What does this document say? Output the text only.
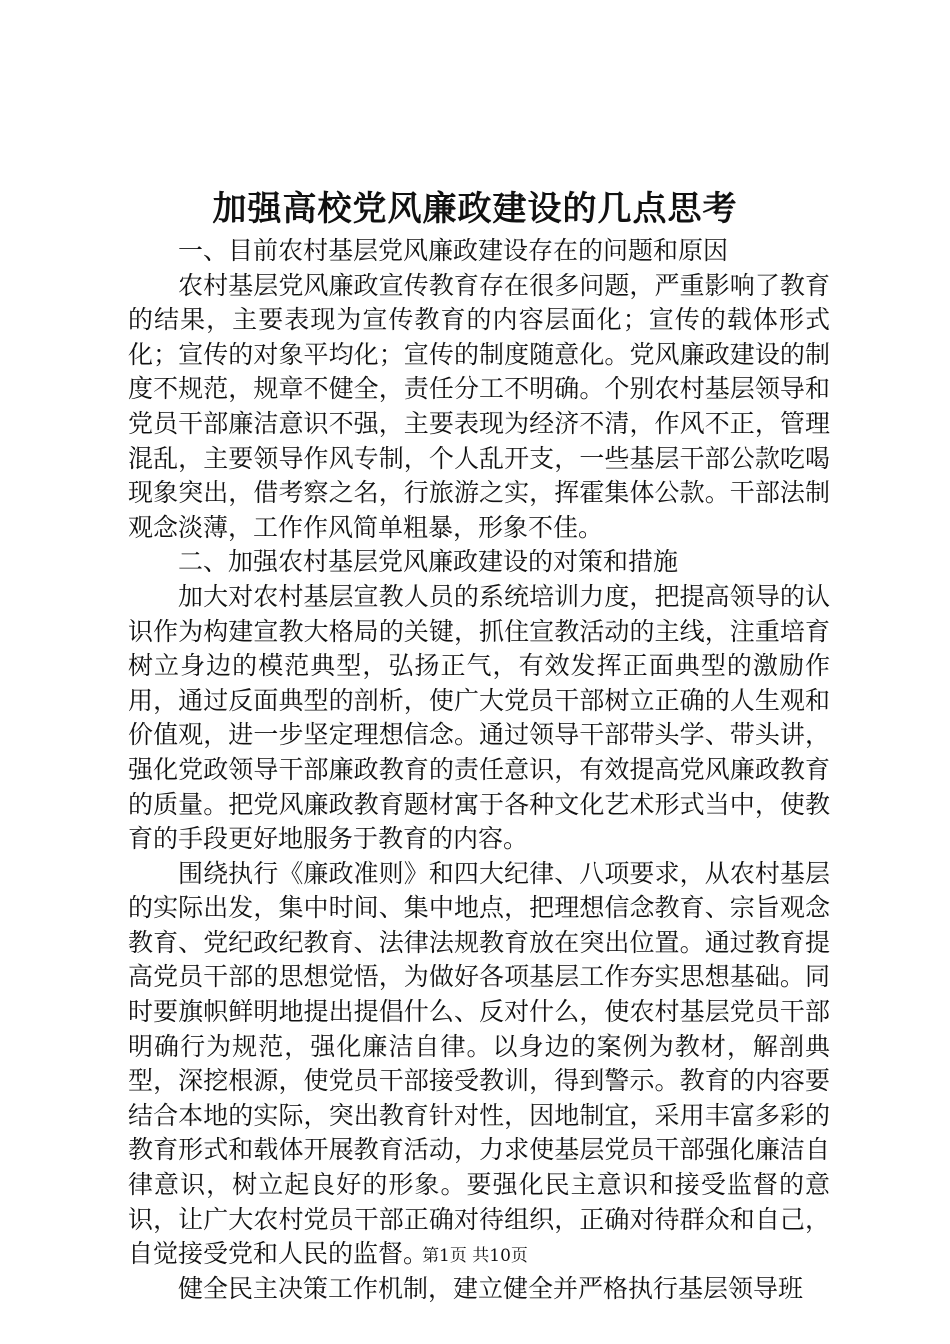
加强高校党风廉政建设的几点思考

一、目前农村基层党风廉政建设存在的问题和原因

农村基层党风廉政宣传教育存在很多问题，严重影响了教育的结果，主要表现为宣传教育的内容层面化；宣传的载体形式化；宣传的对象平均化；宣传的制度随意化。党风廉政建设的制度不规范，规章不健全，责任分工不明确。个别农村基层领导和党员干部廉洁意识不强，主要表现为经济不清，作风不正，管理混乱，主要领导作风专制，个人乱开支，一些基层干部公款吃喝现象突出，借考察之名，行旅游之实，挥霍集体公款。干部法制观念淡薄，工作作风简单粗暴，形象不佳。

二、加强农村基层党风廉政建设的对策和措施

加大对农村基层宣教人员的系统培训力度，把提高领导的认识作为构建宣教大格局的关键，抓住宣教活动的主线，注重培育树立身边的模范典型，弘扬正气，有效发挥正面典型的激励作用，通过反面典型的剖析，使广大党员干部树立正确的人生观和价值观，进一步坚定理想信念。通过领导干部带头学、带头讲，强化党政领导干部廉政教育的责任意识，有效提高党风廉政教育的质量。把党风廉政教育题材寓于各种文化艺术形式当中，使教育的手段更好地服务于教育的内容。

围绕执行《廉政准则》和四大纪律、八项要求，从农村基层的实际出发，集中时间、集中地点，把理想信念教育、宗旨观念教育、党纪政纪教育、法律法规教育放在突出位置。通过教育提高党员干部的思想觉悟，为做好各项基层工作夯实思想基础。同时要旗帜鲜明地提出提倡什么、反对什么，使农村基层党员干部明确行为规范，强化廉洁自律。以身边的案例为教材，解剖典型，深挖根源，使党员干部接受教训，得到警示。教育的内容要结合本地的实际，突出教育针对性，因地制宜，采用丰富多彩的教育形式和载体开展教育活动，力求使基层党员干部强化廉洁自律意识，树立起良好的形象。要强化民主意识和接受监督的意识，让广大农村党员干部正确对待组织，正确对待群众和自己，自觉接受党和人民的监督。

健全民主决策工作机制，建立健全并严格执行基层领导班

第1页 共10页
